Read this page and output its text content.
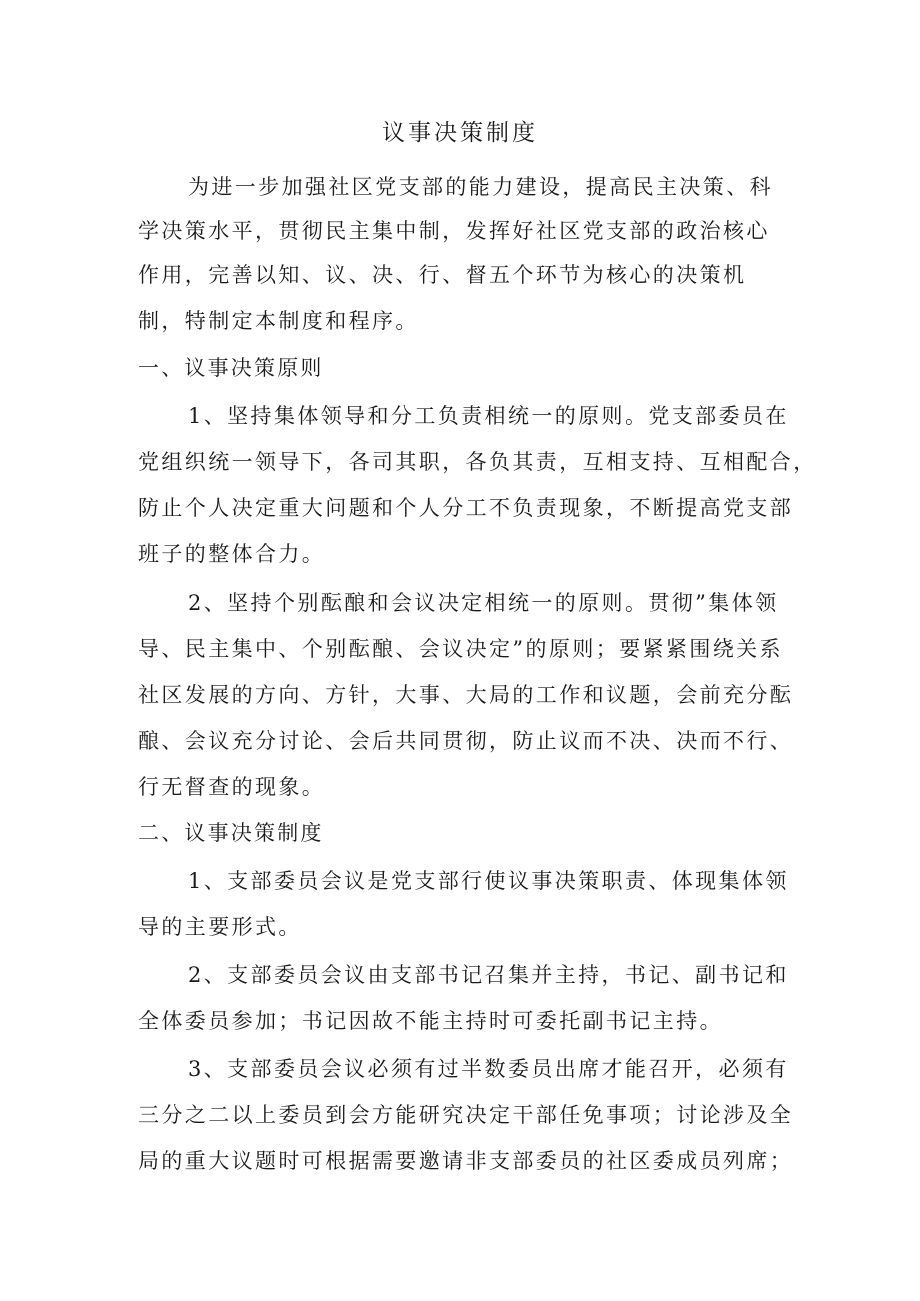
议事决策制度

为进一步加强社区党支部的能力建设，提高民主决策、科

学决策水平，贯彻民主集中制，发挥好社区党支部的政治核心

作用，完善以知、议、决、行、督五个环节为核心的决策机

制，特制定本制度和程序。

一、议事决策原则

1、坚持集体领导和分工负责相统一的原则。党支部委员在

党组织统一领导下，各司其职，各负其责，互相支持、互相配合，

防止个人决定重大问题和个人分工不负责现象，不断提高党支部

班子的整体合力。

2、坚持个别酝酿和会议决定相统一的原则。贯彻”集体领

导、民主集中、个别酝酿、会议决定”的原则；要紧紧围绕关系

社区发展的方向、方针，大事、大局的工作和议题，会前充分酝

酿、会议充分讨论、会后共同贯彻，防止议而不决、决而不行、

行无督查的现象。

二、议事决策制度

1、支部委员会议是党支部行使议事决策职责、体现集体领

导的主要形式。

2、支部委员会议由支部书记召集并主持，书记、副书记和

全体委员参加；书记因故不能主持时可委托副书记主持。

3、支部委员会议必须有过半数委员出席才能召开，必须有

三分之二以上委员到会方能研究决定干部任免事项；讨论涉及全

局的重大议题时可根据需要邀请非支部委员的社区委成员列席；
